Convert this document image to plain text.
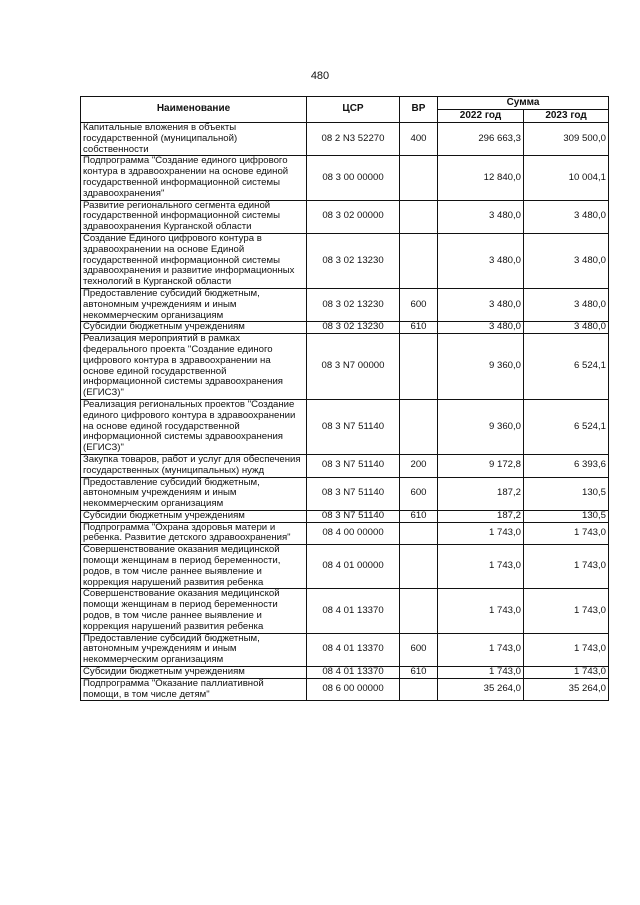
480
Наименование	ЦСР	ВР	Сумма	
			2022 год	2023 год
Капитальные вложения в объекты государственной (муниципальной) собственности	08 2 N3 52270	400	296 663,3	309 500,0
Подпрограмма "Создание единого цифрового контура в здравоохранении на основе единой государственной информационной системы здравоохранения"	08 3 00 00000		12 840,0	10 004,1
Развитие регионального сегмента единой государственной информационной системы здравоохранения Курганской области	08 3 02 00000		3 480,0	3 480,0
Создание Единого цифрового контура в здравоохранении на основе Единой государственной информационной системы здравоохранения и развитие информационных технологий в Курганской области	08 3 02 13230		3 480,0	3 480,0
Предоставление субсидий бюджетным, автономным учреждениям и иным некоммерческим организациям	08 3 02 13230	600	3 480,0	3 480,0
Субсидии бюджетным учреждениям	08 3 02 13230	610	3 480,0	3 480,0
Реализация мероприятий в рамках федерального проекта "Создание единого цифрового контура в здравоохранении на основе единой государственной информационной системы здравоохранения (ЕГИСЗ)"	08 3 N7 00000		9 360,0	6 524,1
Реализация региональных проектов "Создание единого цифрового контура в здравоохранении на основе единой государственной информационной системы здравоохранения (ЕГИСЗ)"	08 3 N7 51140		9 360,0	6 524,1
Закупка товаров, работ и услуг для обеспечения государственных (муниципальных) нужд	08 3 N7 51140	200	9 172,8	6 393,6
Предоставление субсидий бюджетным, автономным учреждениям и иным некоммерческим организациям	08 3 N7 51140	600	187,2	130,5
Субсидии бюджетным учреждениям	08 3 N7 51140	610	187,2	130,5
Подпрограмма "Охрана здоровья матери и ребенка. Развитие детского здравоохранения"	08 4 00 00000		1 743,0	1 743,0
Совершенствование оказания медицинской помощи женщинам в период беременности, родов, в том числе раннее выявление и коррекция нарушений развития ребенка	08 4 01 00000		1 743,0	1 743,0
Совершенствование оказания медицинской помощи женщинам в период беременности родов, в том числе раннее выявление и коррекция нарушений развития ребенка	08 4 01 13370		1 743,0	1 743,0
Предоставление субсидий бюджетным, автономным учреждениям и иным некоммерческим организациям	08 4 01 13370	600	1 743,0	1 743,0
Субсидии бюджетным учреждениям	08 4 01 13370	610	1 743,0	1 743,0
Подпрограмма "Оказание паллиативной помощи, в том числе детям"	08 6 00 00000		35 264,0	35 264,0
